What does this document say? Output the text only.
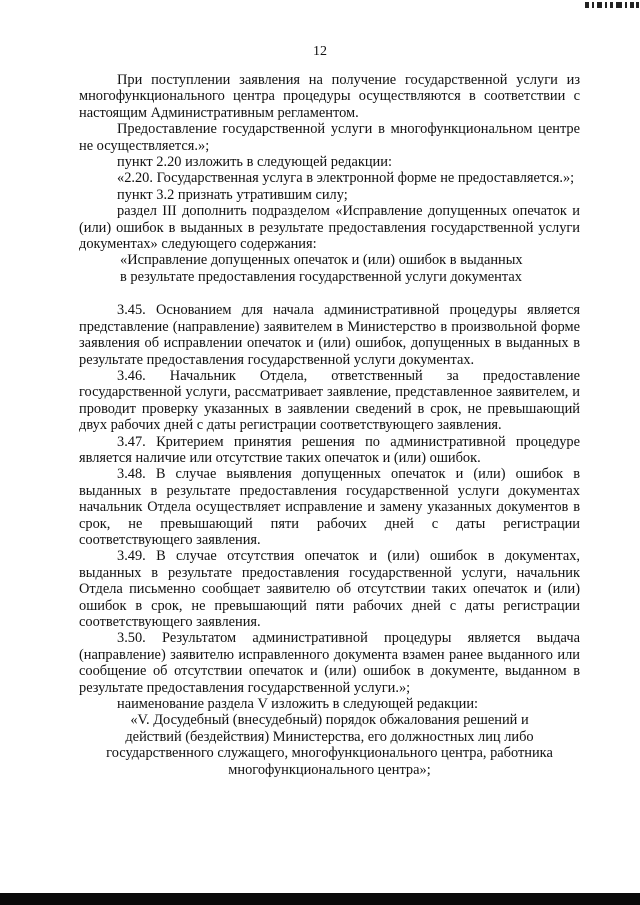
12

При поступлении заявления на получение государственной услуги из многофункционального центра процедуры осуществляются в соответствии с настоящим Административным регламентом.

Предоставление государственной услуги в многофункциональном центре не осуществляется.»;

пункт 2.20 изложить в следующей редакции:

«2.20. Государственная услуга в электронной форме не предоставляется.»;

пункт 3.2 признать утратившим силу;

раздел III дополнить подразделом «Исправление допущенных опечаток и (или) ошибок в выданных в результате предоставления государственной услуги документах» следующего содержания:

«Исправление допущенных опечаток и (или) ошибок в выданных

в результате предоставления государственной услуги документах

3.45. Основанием для начала административной процедуры является представление (направление) заявителем в Министерство в произвольной форме заявления об исправлении опечаток и (или) ошибок, допущенных в выданных в результате предоставления государственной услуги документах.

3.46. Начальник Отдела, ответственный за предоставление государственной услуги, рассматривает заявление, представленное заявителем, и проводит проверку указанных в заявлении сведений в срок, не превышающий двух рабочих дней с даты регистрации соответствующего заявления.

3.47. Критерием принятия решения по административной процедуре является наличие или отсутствие таких опечаток и (или) ошибок.

3.48. В случае выявления допущенных опечаток и (или) ошибок в выданных в результате предоставления государственной услуги документах начальник Отдела осуществляет исправление и замену указанных документов в срок, не превышающий пяти рабочих дней с даты регистрации соответствующего заявления.

3.49. В случае отсутствия опечаток и (или) ошибок в документах, выданных в результате предоставления государственной услуги, начальник Отдела письменно сообщает заявителю об отсутствии таких опечаток и (или) ошибок в срок, не превышающий пяти рабочих дней с даты регистрации соответствующего заявления.

3.50. Результатом административной процедуры является выдача (направление) заявителю исправленного документа взамен ранее выданного или сообщение об отсутствии опечаток и (или) ошибок в документе, выданном в результате предоставления государственной услуги.»;

наименование раздела V изложить в следующей редакции:

«V. Досудебный (внесудебный) порядок обжалования решений и

действий (бездействия) Министерства, его должностных лиц либо

государственного служащего, многофункционального центра, работника

многофункционального центра»;
